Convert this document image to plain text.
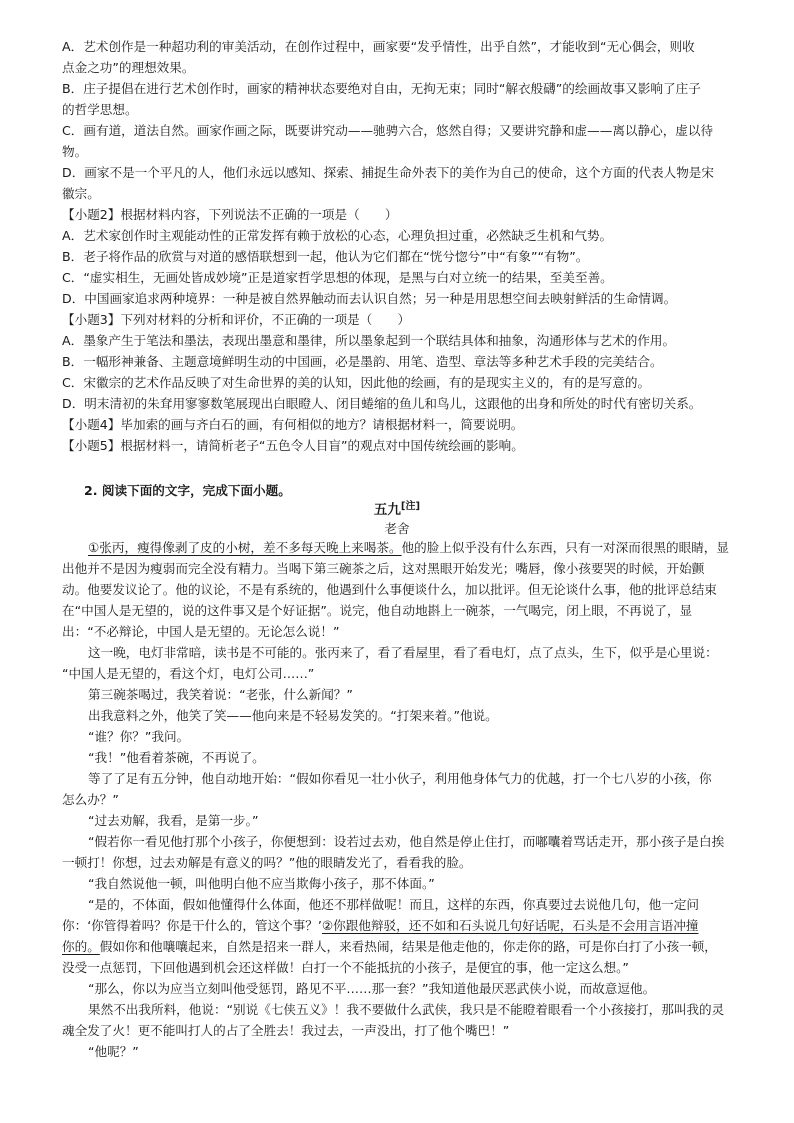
A．艺术创作是一种超功利的审美活动，在创作过程中，画家要“发乎情性，出乎自然”，才能收到“无心偶会，则收
点金之功”的理想效果。
B．庄子提倡在进行艺术创作时，画家的精神状态要绝对自由，无拘无束；同时“解衣般礴”的绘画故事又影响了庄子
的哲学思想。
C．画有道，道法自然。画家作画之际，既要讲究动——驰骋六合，悠然自得；又要讲究静和虚——离以静心，虚以待
物。
D．画家不是一个平凡的人，他们永远以感知、探索、捕捉生命外表下的美作为自己的使命，这个方面的代表人物是宋
徽宗。
【小题2】根据材料内容，下列说法不正确的一项是（　　）
A．艺术家创作时主观能动性的正常发挥有赖于放松的心态，心理负担过重，必然缺乏生机和气势。
B．老子将作品的欣赏与对道的感悟联想到一起，他认为它们都在“恍兮惚兮”中“有象”“有物”。
C．“虚实相生，无画处皆成妙境”正是道家哲学思想的体现，是黑与白对立统一的结果，至美至善。
D．中国画家追求两种境界：一种是被自然界触动而去认识自然；另一种是用思想空间去映射鲜活的生命情调。
【小题3】下列对材料的分析和评价，不正确的一项是（　　）
A．墨象产生于笔法和墨法，表现出墨意和墨律，所以墨象起到一个联结具体和抽象，沟通形体与艺术的作用。
B．一幅形神兼备、主题意境鲜明生动的中国画，必是墨韵、用笔、造型、章法等多种艺术手段的完美结合。
C．宋徽宗的艺术作品反映了对生命世界的美的认知，因此他的绘画，有的是现实主义的，有的是写意的。
D．明末清初的朱耷用寥寥数笔展现出白眼瞪人、闭目蜷缩的鱼儿和鸟儿，这跟他的出身和所处的时代有密切关系。
【小题4】毕加索的画与齐白石的画，有何相似的地方？请根据材料一，简要说明。
【小题5】根据材料一，请简析老子“五色令人目盲”的观点对中国传统绘画的影响。
2. 阅读下面的文字，完成下面小题。
五九[注]
老舍
①张丙，瘦得像剥了皮的小树，差不多每天晚上来喝茶。他的脸上似乎没有什么东西，只有一对深而很黑的眼睛，显
出他并不是因为瘦弱而完全没有精力。当喝下第三碗茶之后，这对黑眼开始发光；嘴唇，像小孩要哭的时候，开始颤
动。他要发议论了。他的议论，不是有系统的，他遇到什么事便谈什么，加以批评。但无论谈什么事，他的批评总结束
在“中国人是无望的，说的这件事又是个好证据”。说完，他自动地斟上一碗茶，一气喝完，闭上眼，不再说了，显
出：“不必辩论，中国人是无望的。无论怎么说！”
这一晚，电灯非常暗，读书是不可能的。张丙来了，看了看屋里，看了看电灯，点了点头，生下，似乎是心里说：
“中国人是无望的，看这个灯，电灯公司……”
第三碗茶喝过，我笑着说：“老张，什么新闻？”
出我意料之外，他笑了笑——他向来是不轻易发笑的。“打架来着。”他说。
“谁？你？”我问。
“我！”他看着茶碗，不再说了。
等了了足有五分钟，他自动地开始：“假如你看见一壮小伙子，利用他身体气力的优越，打一个七八岁的小孩，你
怎么办？”
“过去劝解，我看，是第一步。”
“假若你一看见他打那个小孩子，你便想到：设若过去劝，他自然是停止住打，而嘟囔着骂话走开，那小孩子是白挨
一顿打！你想，过去劝解是有意义的吗？”他的眼睛发光了，看看我的脸。
“我自然说他一顿，叫他明白他不应当欺侮小孩子，那不体面。”
“是的，不体面，假如他懂得什么体面，他还不那样做呢！而且，这样的东西，你真要过去说他几句，他一定问
你：‘你管得着吗？你是干什么的，管这个事？’②你跟他辩驳，还不如和石头说几句好话呢，石头是不会用言语冲撞
你的。假如你和他嚷嚷起来，自然是招来一群人，来看热闹，结果是他走他的，你走你的路，可是你白打了小孩一顿，
没受一点惩罚，下回他遇到机会还这样做！白打一个不能抵抗的小孩子，是便宜的事，他一定这么想。”
“那么，你以为应当立刻叫他受惩罚，路见不平……那一套？”我知道他最厌恶武侠小说，而故意逗他。
果然不出我所料，他说：“别说《七侠五义》！我不要做什么武侠，我只是不能瞪着眼看一个小孩接打，那叫我的灵
魂全发了火！更不能叫打人的占了全胜去！我过去，一声没出，打了他个嘴巴！”
“他呢？”
